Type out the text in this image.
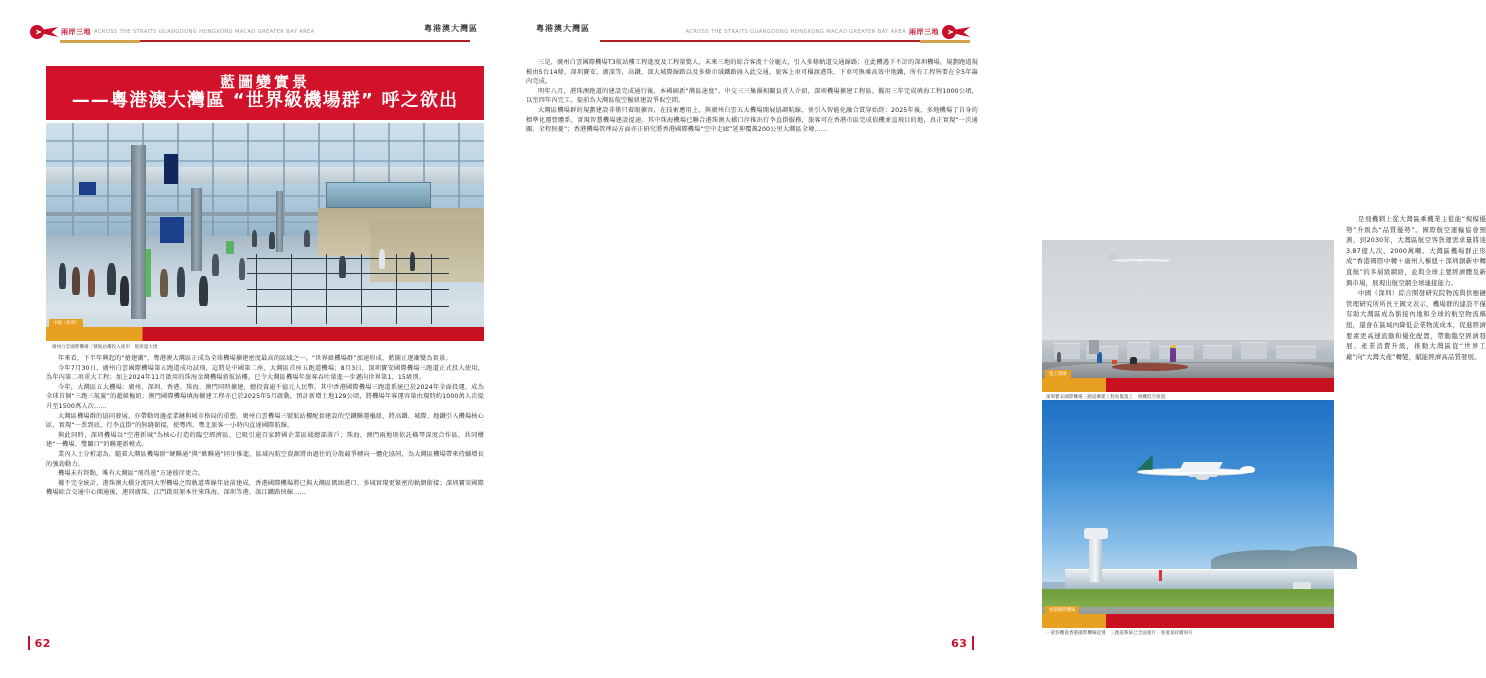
兩岸三地 ACROSS THE STRAITS GUANGDONG HONGKONG MACAO GREATER BAY AREA	粵港澳大灣區
藍圖變實景
——粵港澳大灣區 “世界級機場群” 呼之欲出
中國（深圳）
廣州白雲國際機場三號航站樓投入使用　航班量大增

年來看，下半年興起的“搶建潮”，粵港澳大灣區正成為全球機場擴建密度最高的區域之一，“世界級機場群”加速形成，藍圖正逐漸變為實景。

今年7月30日，廣州白雲國際機場第五跑道成功試飛，這將是中國第二座、大灣區首座五跑道機場；8月3日，深圳寶安國際機場三跑道正式投入使用，為年內第二項重大工程；加上2024年11月啟用的珠海金灣機場新航站樓，已令大灣區機場年旅客吞吐量進一步邁向世界第1、15級別。

今年，大灣區五大機場：廣州、深圳、香港、珠海、澳門同時擴建，總投資逾千億元人民幣。其中香港國際機場三跑道系統已於2024年全面投運，成為全球首個“三跑三航廈”的超級樞紐；澳門國際機場填海擴建工程亦已於2025年5月啟動，預計新增土地129公頃，將機場年客運容量由現時約1000萬人次提升至1500萬人次……

大灣區機場群的協同發展，亦帶動周邊產業鏈與城市格局的重塑。廣州白雲機場三號航站樓配套建設的空鐵聯運樞紐，將高鐵、城際、地鐵引入機場核心區，實現“一票到底、行李直掛”的無縫銜接，使粵西、粵北旅客一小時內直達國際航線。

與此同時，深圳機場以“空港新城”為核心打造的臨空經濟區，已吸引逾百家跨國企業區域總部落戶；珠海、澳門兩地則依託橫琴深度合作區，共同構建“一機場、雙關口”的聯運新模式。

業內人士分析認為，隨着大灣區機場群“硬聯通”與“軟聯通”同步推進，區域內航空資源將由過往的分散競爭轉向一體化協同，為大灣區機場帶來持續增長的強勁動力。

機場未有終點，唯有大灣區“飛得遠”方達彼岸更合。

據不完全統計，港珠澳大橋分流同大型機場之間軌道專線年底前建成，香港國際機場將已與大灣區碼頭港口、多城實現更緊密的軌網銜接；深圳寶安國際機場綜合交通中心開通後，連同廣珠、江門啟用原本往來珠海、深圳等港、深江鐵路快線……

62
粵港澳大灣區	兩岸三地
ACROSS THE STRAITS GUANGDONG HONGKONG MACAO GREATER BAY AREA

三是，廣州白雲國際機場T3航站樓工程進度及工程量驚人，未來三地的綜合客流十分龐大，引入多條軌道交通線路；在此機遇下不計的深圳機場，規劃跑道規模由5台14條，深圳寶安、廣深等，高鐵、深大城際線路以及多條市域鐵路匯入此交通，旅客上車可橫渡港珠，下車可換乘高效中地鐵，所有工程皆要在全5年籌內完成。

明年八月，港珠澳跑道的建設完成通行後，本國刷新“灣區速度”。中交三三集團相關負責人介紹，深圳機場擴建工程區，擬用三年完成填海工程1000公頃，以至四年內完工，提前為大灣區航空樞紐建設爭取空間。

大灣區機場群的規劃建設非僅只着眼擴容，在技術應用上，與廣州白雲五大機場開展協調航線，並引入智能化融合貫穿始終；2025年後，多地機場了自身的標準化運營體系，實現智慧機場建設提速。其中珠海機場已聯合港珠澳大橋口岸推出行李直掛服務，旅客可在香港市區完成值機並直飛目的地，真正實現“一次通關、全程無憂”；香港機場管理局方面亦正研究將香港國際機場“空中走廊”延伸覆蓋200公里大灣區全境……

施工現場
深圳寶安國際機場三跑道擴建工程加緊施工　飛機低空掠過
香港國際機場
一架客機從香港國際機場起飛　三跑道系統已全面運行　客運量持續回升

是飛機刺上從大灣區乘機業主從能“規模優勢”升級為“品質優勢”。國際航空運輸協會預測，到2030年，大灣區航空客貨運需求量將達3.87億人次、2000萬噸。大灣區機場群正形成“香港國際中轉＋廣州人樞紐＋深圳創新中轉直航”的多層級網絡，並與全球主要經濟體及新興市場，展現出航空網全球連接能力。

中國（深圳）綜合開發研究院物流與供應鏈管理研究所所長王國文表示，機場群的建設不僅有助大灣區成為銜接內地和全球的航空物流樞紐，還會在區域內降低企業物流成本，促進經濟要素更高速流動和優化配置，帶動臨空經濟發展、產業消費升級，推動大灣區從“世界工廠”向“大灣大產”轉變，賦能經濟高品質發展。

63
